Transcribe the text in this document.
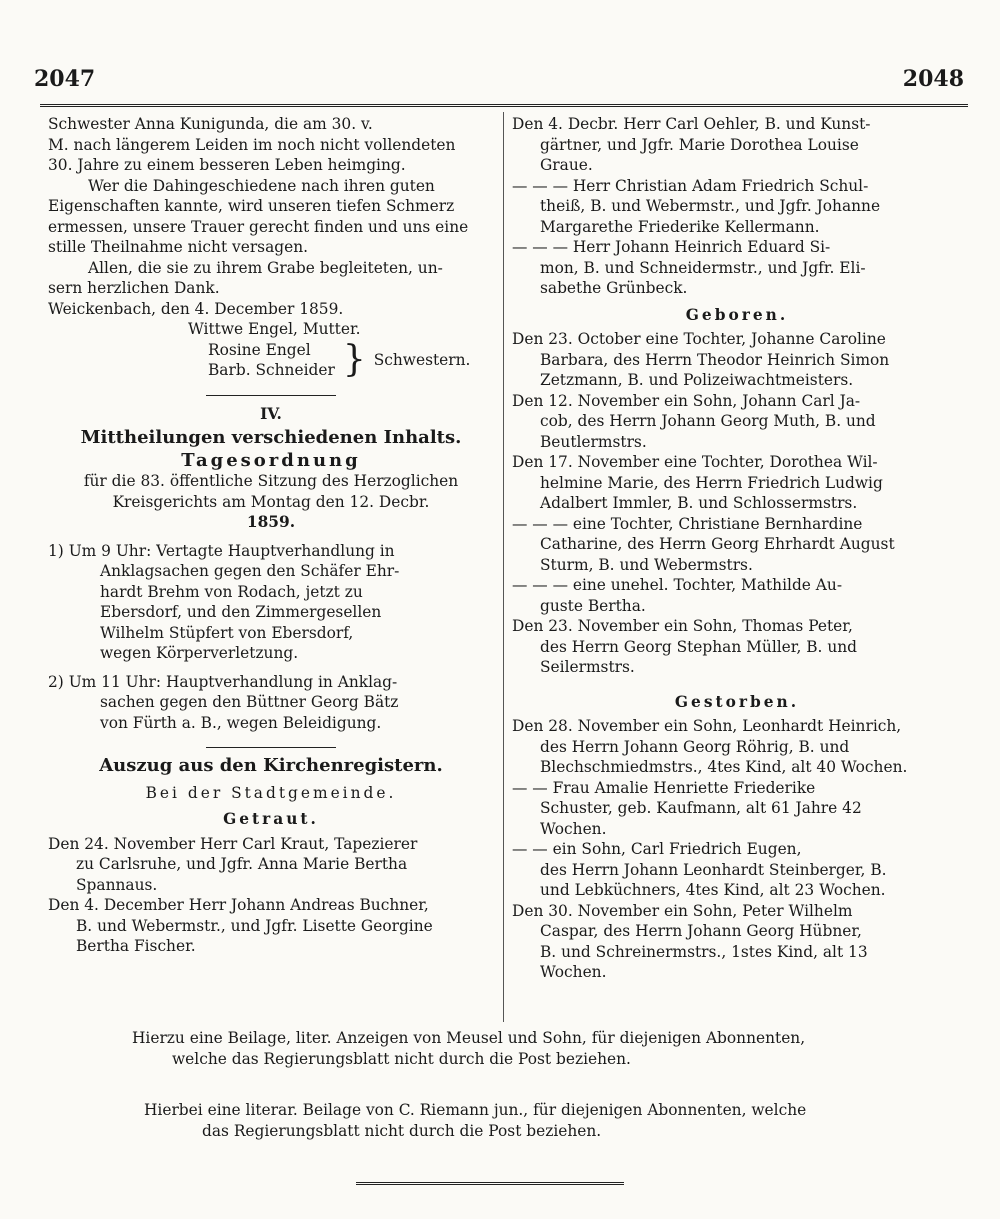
2047	2048

Schwester Anna Kunigunda, die am 30. v.
M. nach längerem Leiden im noch nicht vollendeten
30. Jahre zu einem besseren Leben heimging.

Wer die Dahingeschiedene nach ihren guten
Eigenschaften kannte, wird unseren tiefen Schmerz
ermessen, unsere Trauer gerecht finden und uns eine
stille Theilnahme nicht versagen.

Allen, die sie zu ihrem Grabe begleiteten, un-
sern herzlichen Dank.

Weickenbach, den 4. December 1859.

Wittwe Engel, Mutter.

Rosine Engel
Barb. Schneider } Schwestern.

IV.

Mittheilungen verschiedenen Inhalts.

Tagesordnung

für die 83. öffentliche Sitzung des Herzoglichen
Kreisgerichts am Montag den 12. Decbr.
1859.

1) Um 9 Uhr: Vertagte Hauptverhandlung in
Anklagsachen gegen den Schäfer Ehr-
hardt Brehm von Rodach, jetzt zu
Ebersdorf, und den Zimmergesellen
Wilhelm Stüpfert von Ebersdorf,
wegen Körperverletzung.

2) Um 11 Uhr: Hauptverhandlung in Anklag-
sachen gegen den Büttner Georg Bätz
von Fürth a. B., wegen Beleidigung.

Auszug aus den Kirchenregistern.

Bei der Stadtgemeinde.

Getraut.

Den 24. November Herr Carl Kraut, Tapezierer
zu Carlsruhe, und Jgfr. Anna Marie Bertha
Spannaus.

Den 4. December Herr Johann Andreas Buchner,
B. und Webermstr., und Jgfr. Lisette Georgine
Bertha Fischer.

Den 4. Decbr. Herr Carl Oehler, B. und Kunst-
gärtner, und Jgfr. Marie Dorothea Louise
Graue.

— — — Herr Christian Adam Friedrich Schul-
theiß, B. und Webermstr., und Jgfr. Johanne
Margarethe Friederike Kellermann.

— — — Herr Johann Heinrich Eduard Si-
mon, B. und Schneidermstr., und Jgfr. Eli-
sabethe Grünbeck.

Geboren.

Den 23. October eine Tochter, Johanne Caroline
Barbara, des Herrn Theodor Heinrich Simon
Zetzmann, B. und Polizeiwachtmeisters.

Den 12. November ein Sohn, Johann Carl Ja-
cob, des Herrn Johann Georg Muth, B. und
Beutlermstrs.

Den 17. November eine Tochter, Dorothea Wil-
helmine Marie, des Herrn Friedrich Ludwig
Adalbert Immler, B. und Schlossermstrs.

— — — eine Tochter, Christiane Bernhardine
Catharine, des Herrn Georg Ehrhardt August
Sturm, B. und Webermstrs.

— — — eine unehel. Tochter, Mathilde Au-
guste Bertha.

Den 23. November ein Sohn, Thomas Peter,
des Herrn Georg Stephan Müller, B. und
Seilermstrs.

Gestorben.

Den 28. November ein Sohn, Leonhardt Heinrich,
des Herrn Johann Georg Röhrig, B. und
Blechschmiedmstrs., 4tes Kind, alt 40 Wochen.

— — Frau Amalie Henriette Friederike
Schuster, geb. Kaufmann, alt 61 Jahre 42
Wochen.

— — ein Sohn, Carl Friedrich Eugen,
des Herrn Johann Leonhardt Steinberger, B.
und Lebküchners, 4tes Kind, alt 23 Wochen.

Den 30. November ein Sohn, Peter Wilhelm
Caspar, des Herrn Johann Georg Hübner,
B. und Schreinermstrs., 1stes Kind, alt 13
Wochen.

Hierzu eine Beilage, liter. Anzeigen von Meusel und Sohn, für diejenigen Abonnenten,

welche das Regierungsblatt nicht durch die Post beziehen.

Hierbei eine literar. Beilage von C. Riemann jun., für diejenigen Abonnenten, welche

das Regierungsblatt nicht durch die Post beziehen.
